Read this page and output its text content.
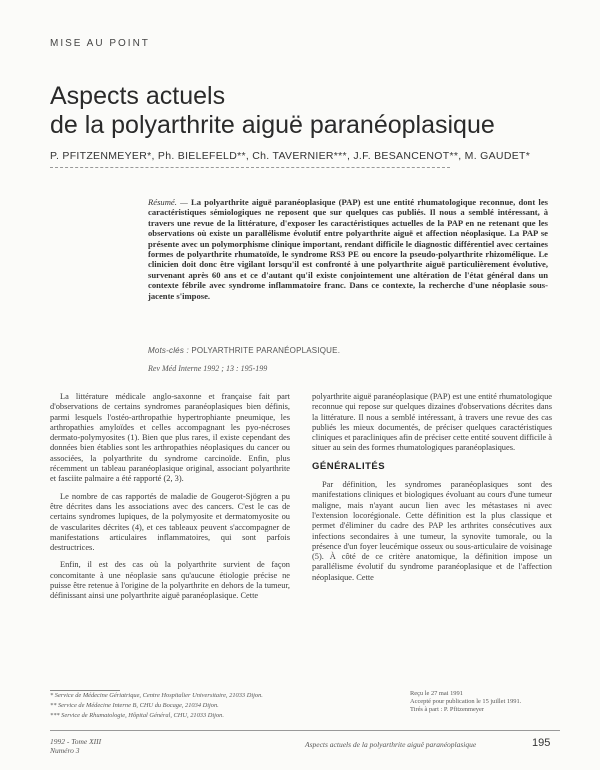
MISE AU POINT
Aspects actuels
de la polyarthrite aiguë paranéoplasique
P. PFITZENMEYER*, Ph. BIELEFELD**, Ch. TAVERNIER***, J.F. BESANCENOT**, M. GAUDET*
Résumé. — La polyarthrite aiguë paranéoplasique (PAP) est une entité rhumatologique reconnue, dont les caractéristiques sémiologiques ne reposent que sur quelques cas publiés. Il nous a semblé intéressant, à travers une revue de la littérature, d'exposer les caractéristiques actuelles de la PAP en ne retenant que les observations où existe un parallélisme évolutif entre polyarthrite aiguë et affection néoplasique. La PAP se présente avec un polymorphisme clinique important, rendant difficile le diagnostic différentiel avec certaines formes de polyarthrite rhumatoïde, le syndrome RS3 PE ou encore la pseudo-polyarthrite rhizomélique. Le clinicien doit donc être vigilant lorsqu'il est confronté à une polyarthrite aiguë particulièrement évolutive, survenant après 60 ans et ce d'autant qu'il existe conjointement une altération de l'état général dans un contexte fébrile avec syndrome inflammatoire franc. Dans ce contexte, la recherche d'une néoplasie sous-jacente s'impose.
Mots-clés : POLYARTHRITE PARANÉOPLASIQUE.
Rev Méd Interne 1992 ; 13 : 195-199

La littérature médicale anglo-saxonne et française fait part d'observations de certains syndromes paranéoplasiques bien définis, parmi lesquels l'ostéo-arthropathie hypertrophiante pneumique, les arthropathies amyloïdes et celles accompagnant les pyo-nécroses dermato-polymyosites (1). Bien que plus rares, il existe cependant des données bien établies sont les arthropathies néoplasiques du cancer ou associées, la polyarthrite du syndrome carcinoïde. Enfin, plus récemment un tableau paranéoplasique original, associant polyarthrite et fasciite palmaire a été rapporté (2, 3).

Le nombre de cas rapportés de maladie de Gougerot-Sjögren a pu être décrites dans les associations avec des cancers. C'est le cas de certains syndromes lupiques, de la polymyosite et dermatomyosite ou de vascularites décrites (4), et ces tableaux peuvent s'accompagner de manifestations articulaires inflammatoires, qui sont parfois destructrices.

Enfin, il est des cas où la polyarthrite survient de façon concomitante à une néoplasie sans qu'aucune étiologie précise ne puisse être retenue à l'origine de la polyarthrite en dehors de la tumeur, définissant ainsi une polyarthrite aiguë paranéoplasique. Cette

polyarthrite aiguë paranéoplasique (PAP) est une entité rhumatologique reconnue qui repose sur quelques dizaines d'observations décrites dans la littérature. Il nous a semblé intéressant, à travers une revue des cas publiés les mieux documentés, de préciser quelques caractéristiques cliniques et paracliniques afin de préciser cette entité souvent difficile à situer au sein des formes rhumatologiques paranéoplasiques.

GÉNÉRALITÉS

Par définition, les syndromes paranéoplasiques sont des manifestations cliniques et biologiques évoluant au cours d'une tumeur maligne, mais n'ayant aucun lien avec les métastases ni avec l'extension locorégionale. Cette définition est la plus classique et permet d'éliminer du cadre des PAP les arthrites consécutives aux infections secondaires à une tumeur, la synovite tumorale, ou la présence d'un foyer leucémique osseux ou sous-articulaire de voisinage (5). À côté de ce critère anatomique, la définition impose un parallélisme évolutif du syndrome paranéoplasique et de l'affection néoplasique. Cette

* Service de Médecine Gériatrique, Centre Hospitalier Universitaire, 21033 Dijon.
** Service de Médecine Interne B, CHU du Bocage, 21034 Dijon.
*** Service de Rhumatologie, Hôpital Général, CHU, 21033 Dijon.
Reçu le 27 mai 1991
Accepté pour publication le 15 juillet 1991.
Tirés à part : P. Pfitzenmeyer
1992 - Tome XIII
Numéro 3
Aspects actuels de la polyarthrite aiguë paranéoplasique	195
